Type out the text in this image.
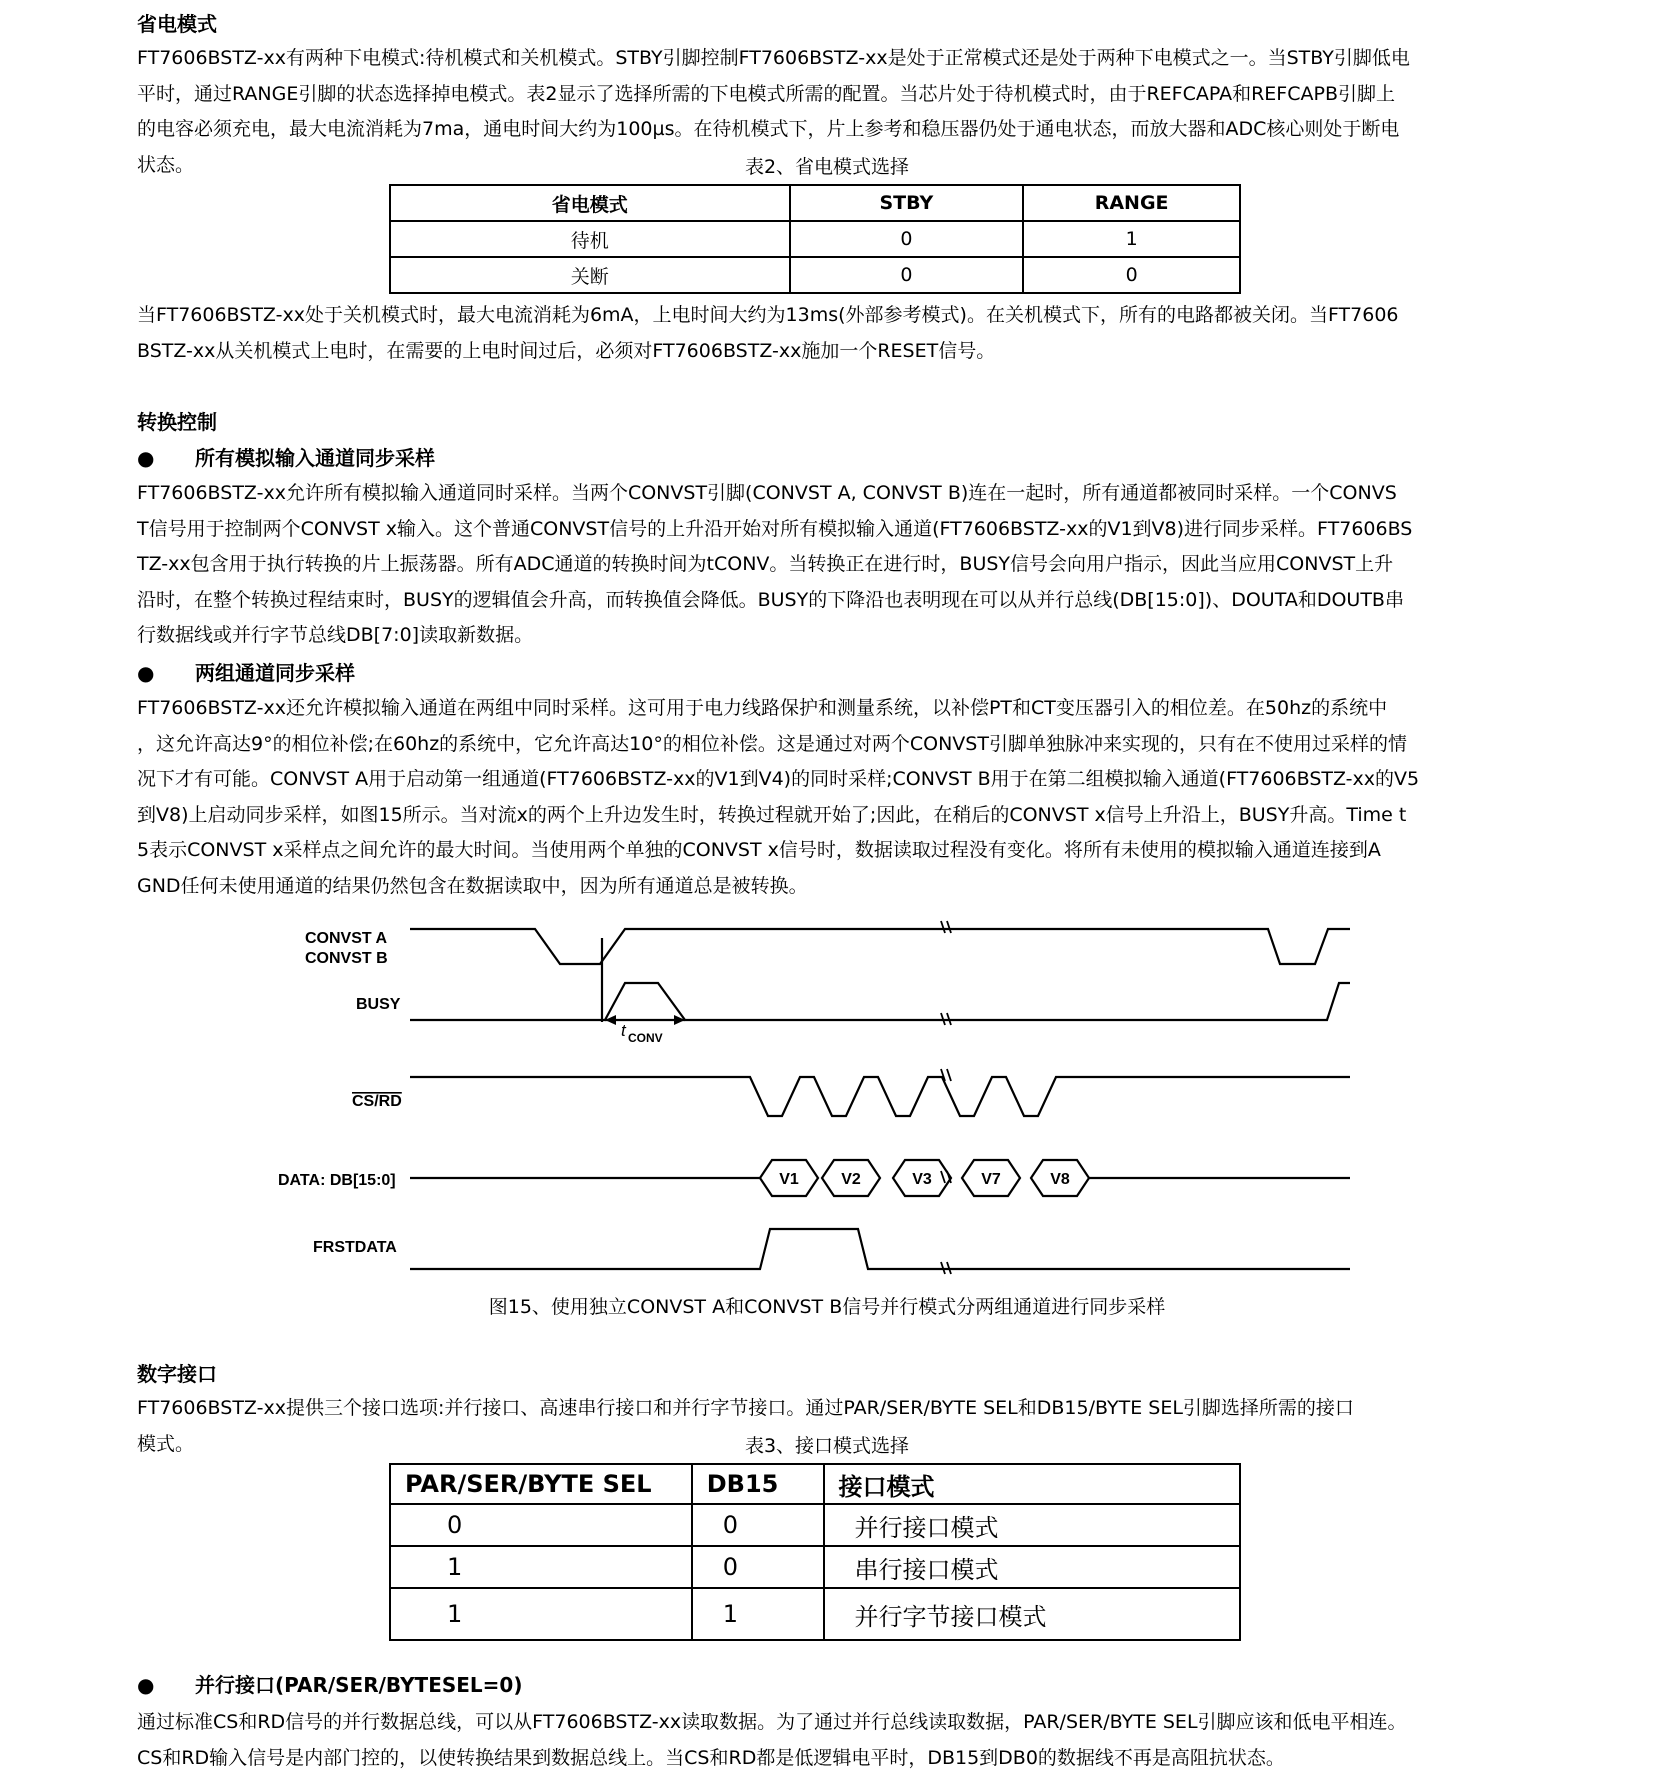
省电模式
FT7606BSTZ-xx有两种下电模式:待机模式和关机模式。STBY引脚控制FT7606BSTZ-xx是处于正常模式还是处于两种下电模式之一。当STBY引脚低电
平时，通过RANGE引脚的状态选择掉电模式。表2显示了选择所需的下电模式所需的配置。当芯片处于待机模式时，由于REFCAPA和REFCAPB引脚上
的电容必须充电，最大电流消耗为7ma，通电时间大约为100µs。在待机模式下，片上参考和稳压器仍处于通电状态，而放大器和ADC核心则处于断电
状态。	表2、省电模式选择
省电模式	STBY	RANGE
待机	0	1
关断	0	0
当FT7606BSTZ-xx处于关机模式时，最大电流消耗为6mA，上电时间大约为13ms(外部参考模式)。在关机模式下，所有的电路都被关闭。当FT7606
BSTZ-xx从关机模式上电时，在需要的上电时间过后，必须对FT7606BSTZ-xx施加一个RESET信号。
转换控制
● 所有模拟输入通道同步采样
FT7606BSTZ-xx允许所有模拟输入通道同时采样。当两个CONVST引脚(CONVST A, CONVST B)连在一起时，所有通道都被同时采样。一个CONVS
T信号用于控制两个CONVST x输入。这个普通CONVST信号的上升沿开始对所有模拟输入通道(FT7606BSTZ-xx的V1到V8)进行同步采样。FT7606BS
TZ-xx包含用于执行转换的片上振荡器。所有ADC通道的转换时间为tCONV。当转换正在进行时，BUSY信号会向用户指示，因此当应用CONVST上升
沿时，在整个转换过程结束时，BUSY的逻辑值会升高，而转换值会降低。BUSY的下降沿也表明现在可以从并行总线(DB[15:0])、DOUTA和DOUTB串
行数据线或并行字节总线DB[7:0]读取新数据。
● 两组通道同步采样
FT7606BSTZ-xx还允许模拟输入通道在两组中同时采样。这可用于电力线路保护和测量系统，以补偿PT和CT变压器引入的相位差。在50hz的系统中
，这允许高达9°的相位补偿;在60hz的系统中，它允许高达10°的相位补偿。这是通过对两个CONVST引脚单独脉冲来实现的，只有在不使用过采样的情
况下才有可能。CONVST A用于启动第一组通道(FT7606BSTZ-xx的V1到V4)的同时采样;CONVST B用于在第二组模拟输入通道(FT7606BSTZ-xx的V5
到V8)上启动同步采样，如图15所示。当对流x的两个上升边发生时，转换过程就开始了;因此，在稍后的CONVST x信号上升沿上，BUSY升高。Time t
5表示CONVST x采样点之间允许的最大时间。当使用两个单独的CONVST x信号时，数据读取过程没有变化。将所有未使用的模拟输入通道连接到A
GND任何未使用通道的结果仍然包含在数据读取中，因为所有通道总是被转换。
CONVST A
CONVST B
BUSY
CS/RD
DATA: DB[15:0]
FRSTDATA
V1	V2	V3	V7	V8
t CONV
图15、使用独立CONVST A和CONVST B信号并行模式分两组通道进行同步采样
数字接口
FT7606BSTZ-xx提供三个接口选项:并行接口、高速串行接口和并行字节接口。通过PAR/SER/BYTE SEL和DB15/BYTE SEL引脚选择所需的接口
模式。	表3、接口模式选择
PAR/SER/BYTE SEL	DB15	接口模式
0	0	并行接口模式
1	0	串行接口模式
1	1	并行字节接口模式
● 并行接口(PAR/SER/BYTESEL=0)
通过标准CS和RD信号的并行数据总线，可以从FT7606BSTZ-xx读取数据。为了通过并行总线读取数据，PAR/SER/BYTE SEL引脚应该和低电平相连。
CS和RD输入信号是内部门控的，以使转换结果到数据总线上。当CS和RD都是低逻辑电平时，DB15到DB0的数据线不再是高阻抗状态。
